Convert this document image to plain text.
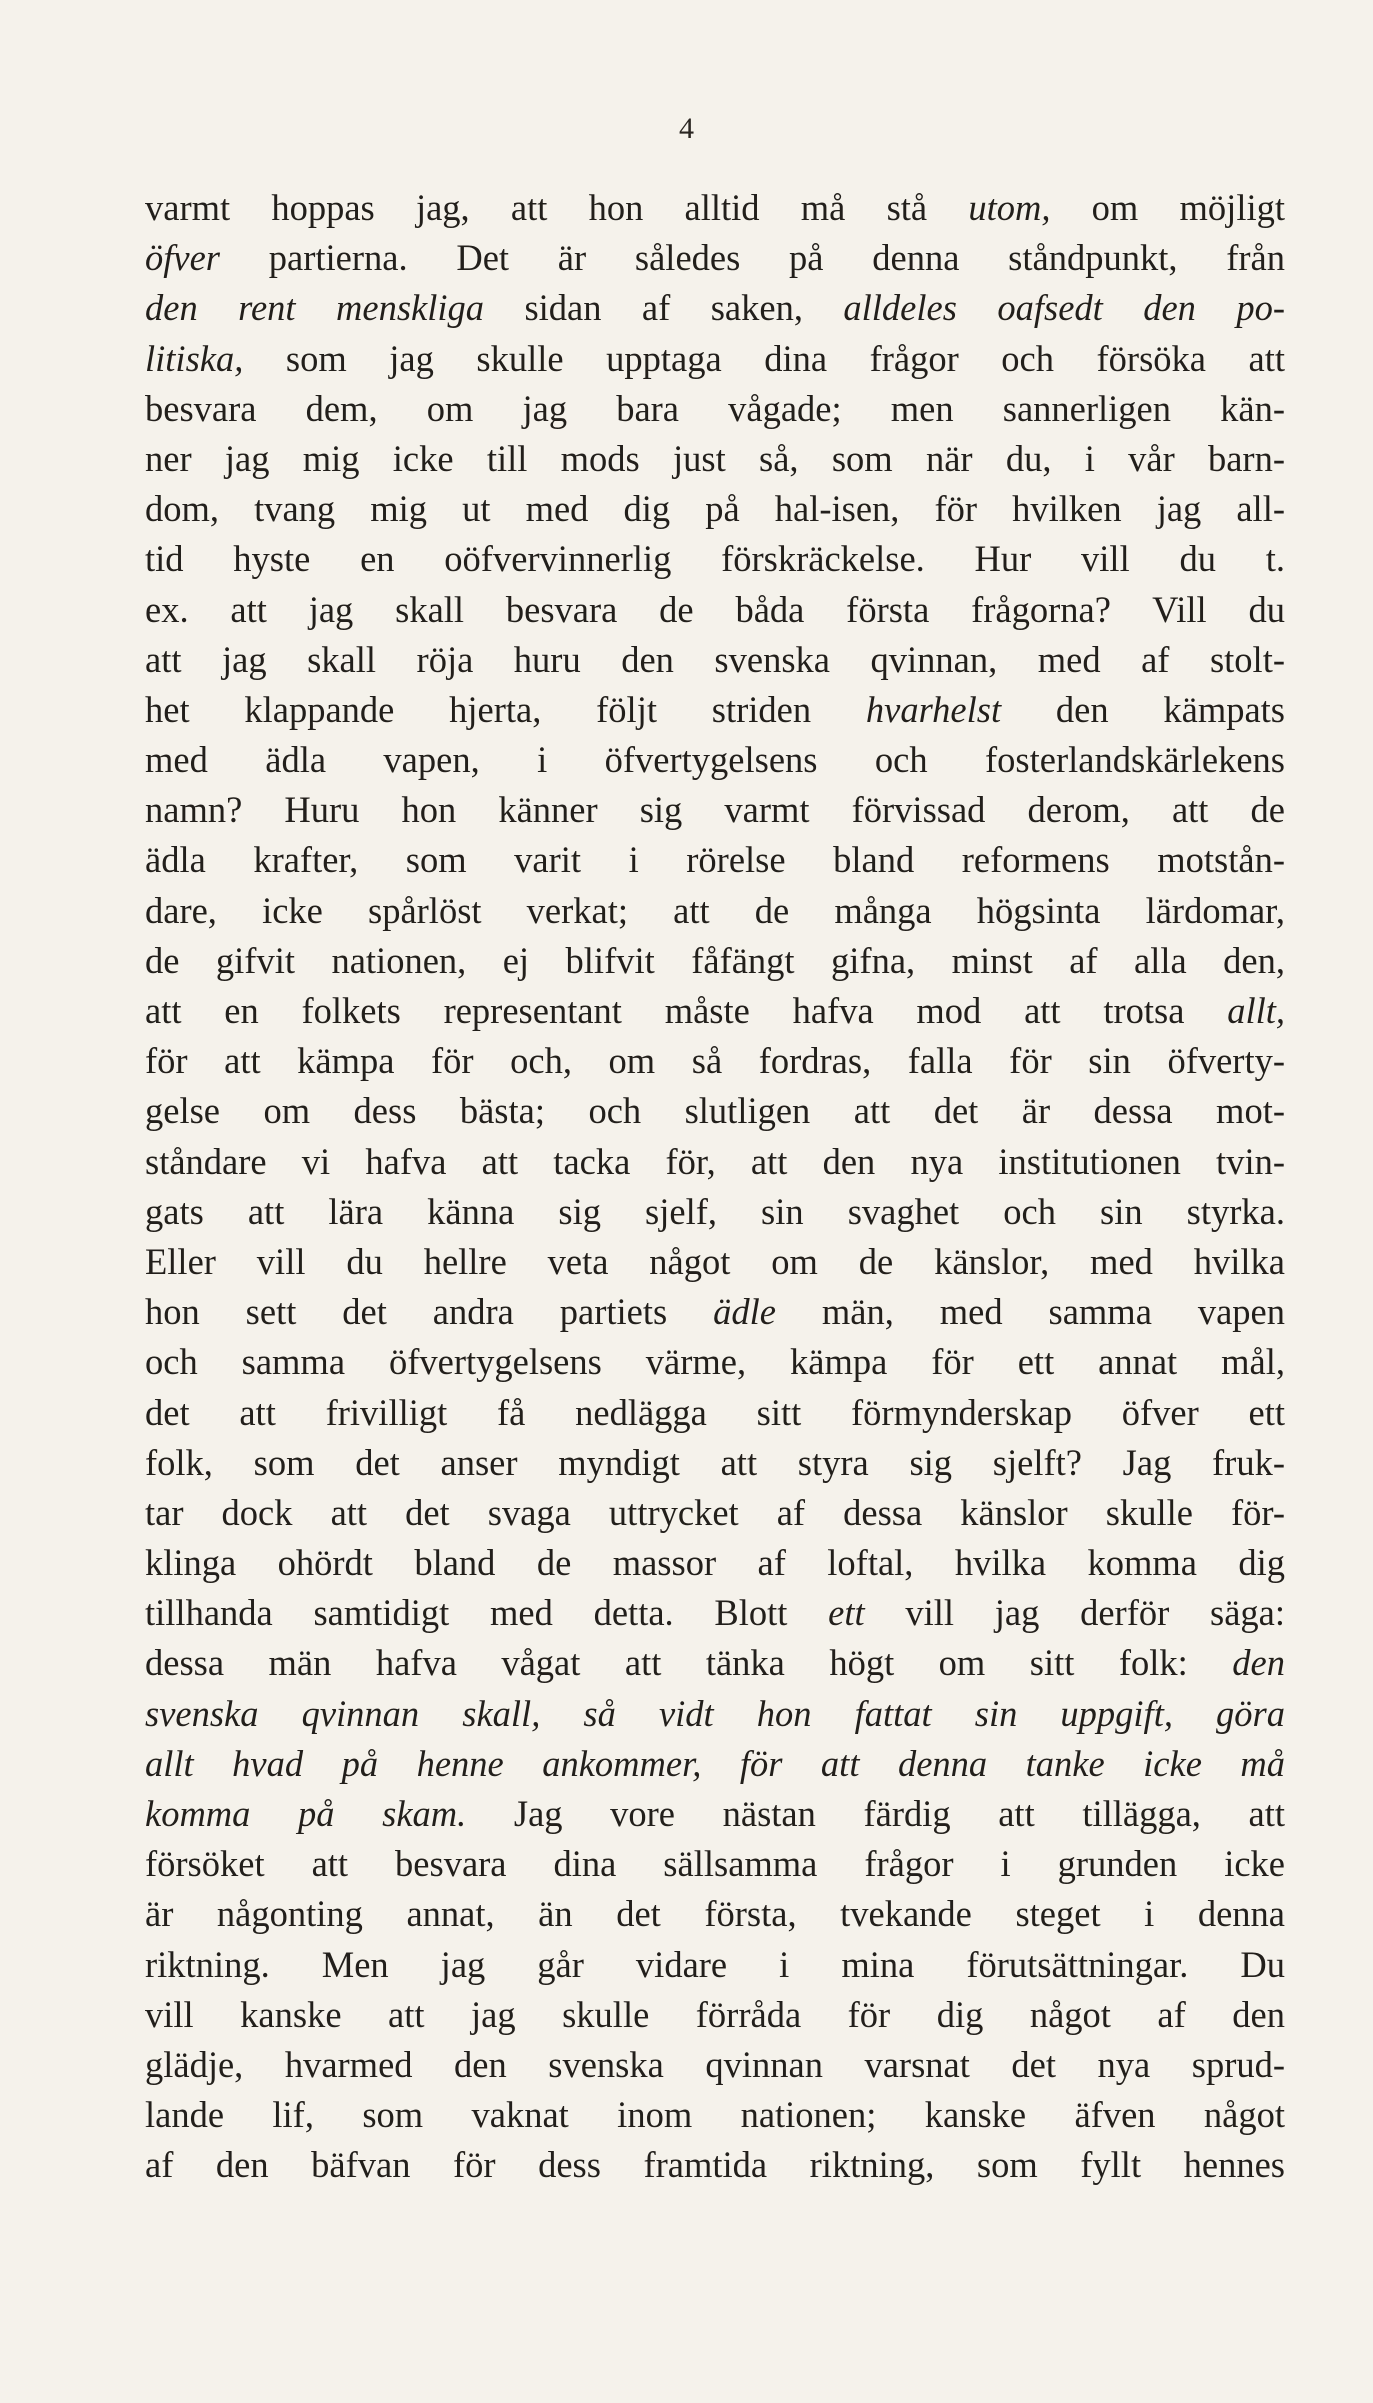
4
varmt hoppas jag, att hon alltid må stå utom, om möjligt
öfver partierna. Det är således på denna ståndpunkt, från
den rent menskliga sidan af saken, alldeles oafsedt den po-
litiska, som jag skulle upptaga dina frågor och försöka att
besvara dem, om jag bara vågade; men sannerligen kän-
ner jag mig icke till mods just så, som när du, i vår barn-
dom, tvang mig ut med dig på hal-isen, för hvilken jag all-
tid hyste en oöfvervinnerlig förskräckelse. Hur vill du t.
ex. att jag skall besvara de båda första frågorna? Vill du
att jag skall röja huru den svenska qvinnan, med af stolt-
het klappande hjerta, följt striden hvarhelst den kämpats
med ädla vapen, i öfvertygelsens och fosterlandskärlekens
namn? Huru hon känner sig varmt förvissad derom, att de
ädla krafter, som varit i rörelse bland reformens motstån-
dare, icke spårlöst verkat; att de många högsinta lärdomar,
de gifvit nationen, ej blifvit fåfängt gifna, minst af alla den,
att en folkets representant måste hafva mod att trotsa allt,
för att kämpa för och, om så fordras, falla för sin öfverty-
gelse om dess bästa; och slutligen att det är dessa mot-
ståndare vi hafva att tacka för, att den nya institutionen tvin-
gats att lära känna sig sjelf, sin svaghet och sin styrka.
Eller vill du hellre veta något om de känslor, med hvilka
hon sett det andra partiets ädle män, med samma vapen
och samma öfvertygelsens värme, kämpa för ett annat mål,
det att frivilligt få nedlägga sitt förmynderskap öfver ett
folk, som det anser myndigt att styra sig sjelft? Jag fruk-
tar dock att det svaga uttrycket af dessa känslor skulle för-
klinga ohördt bland de massor af loftal, hvilka komma dig
tillhanda samtidigt med detta. Blott ett vill jag derför säga:
dessa män hafva vågat att tänka högt om sitt folk: den
svenska qvinnan skall, så vidt hon fattat sin uppgift, göra
allt hvad på henne ankommer, för att denna tanke icke må
komma på skam. Jag vore nästan färdig att tillägga, att
försöket att besvara dina sällsamma frågor i grunden icke
är någonting annat, än det första, tvekande steget i denna
riktning. Men jag går vidare i mina förutsättningar. Du
vill kanske att jag skulle förråda för dig något af den
glädje, hvarmed den svenska qvinnan varsnat det nya sprud-
lande lif, som vaknat inom nationen; kanske äfven något
af den bäfvan för dess framtida riktning, som fyllt hennes
